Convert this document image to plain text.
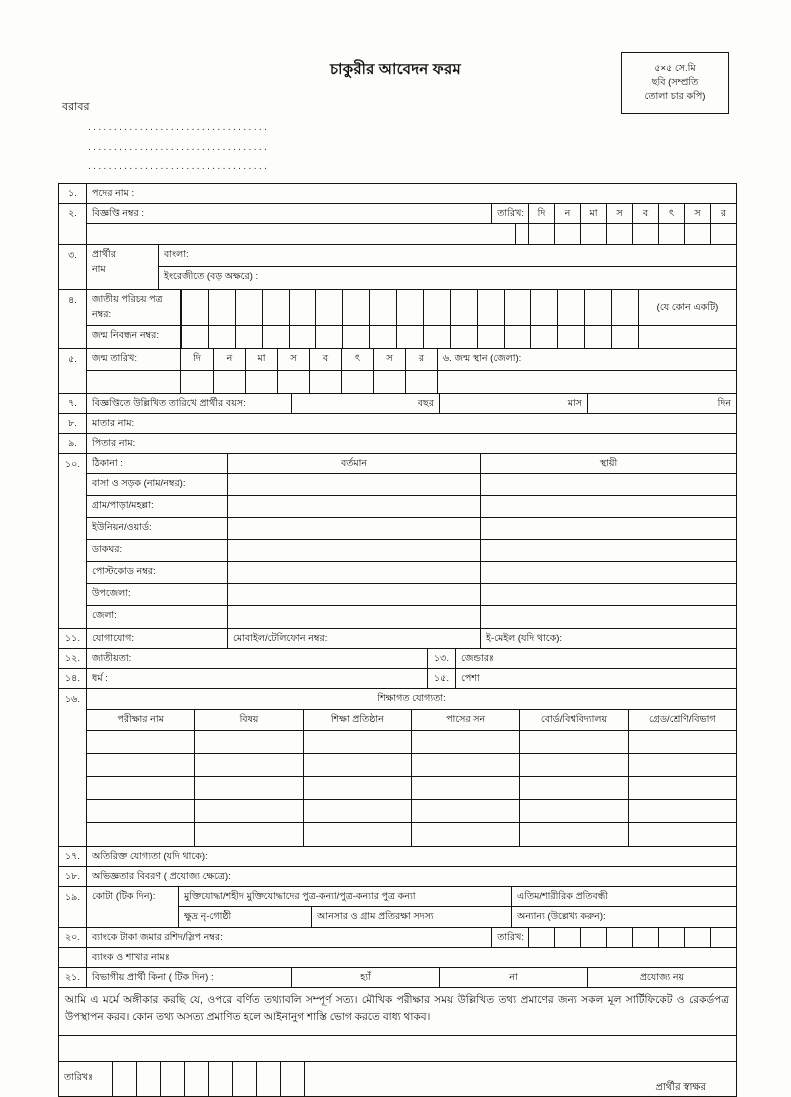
চাকুরীর আবেদন ফরম	৫×৫ সে.মি
ছবি (সম্প্রতি
তোলা চার কপি)
বরাবর
...................................
...................................
...................................
১.	পদের নাম :
২.	বিজ্ঞপ্তি নম্বর :	তারিখ:	দি	ন	মা	স	ব	ৎ	স	র

৩.	প্রার্থীর
নাম
বাংলা:
ইংরেজীতে (বড় অক্ষরে) :
৪.	জাতীয় পরিচয় পত্র
নম্বর:
(যে কোন একটি)
জন্ম নিবন্ধন নম্বর:
৫.	জন্ম তারিখ:	দি	ন	মা	স	ব	ৎ	স	র	৬. জন্ম স্থান (জেলা):
৭.	বিজ্ঞপ্তিতে উল্লিখিত তারিখে প্রার্থীর বয়স:	বছর	মাস	দিন
৮.	মাতার নাম:
৯.	পিতার নাম:
১০.	ঠিকানা :	বর্তমান	স্থায়ী
বাসা ও সড়ক (নাম/নম্বর):
গ্রাম/পাড়া/মহল্লা:
ইউনিয়ন/ওয়ার্ড:
ডাকঘর:
পোস্টকোড নম্বর:
উপজেলা:
জেলা:
১১.	যোগাযোগ:	মোবাইল/টেলিফোন নম্বর:	ই-মেইল (যদি থাকে):
১২.	জাতীয়তা:	১৩.	জেন্ডারঃ
১৪.	ধর্ম :	১৫.	পেশা
১৬.	শিক্ষাগত যোগ্যতা:
পরীক্ষার নাম	বিষয়	শিক্ষা প্রতিষ্ঠান	পাসের সন	বোর্ড/বিশ্ববিদ্যালয়	গ্রেড/শ্রেণি/বিভাগ
১৭.	অতিরিক্ত যোগ্যতা (যদি থাকে):
১৮.	অভিজ্ঞতার বিবরণ ( প্রযোজ্য ক্ষেত্রে):
১৯.	কোটা (টিক দিন):	মুক্তিযোদ্ধা/শহীদ মুক্তিযোদ্ধাদের পুত্র-কন্যা/পুত্র-কন্যার পুত্র কন্যা	এতিম/শারীরিক প্রতিবন্ধী
ক্ষুদ্র নৃ-গোষ্ঠী	আনসার ও গ্রাম প্রতিরক্ষা সদস্য	অন্যান্য (উল্লেখ্য করুন):
২০.	ব্যাংকে টাকা জমার রশিদ/স্লিপ নম্বর:	তারিখ:
ব্যাংক ও শাখার নামঃ
২১.	বিভাগীয় প্রার্থী কিনা ( টিক দিন) :	হ্যাঁ	না	প্রযোজ্য নয়
আমি এ মর্মে অঙ্গীকার করছি যে, ওপরে বর্ণিত তথ্যাবলি সম্পূর্ণ সত্য। মৌখিক পরীক্ষার সময় উল্লিখিত তথ্য প্রমাণের জন্য সকল মূল সার্টিফিকেট ও রেকর্ডপত্র উপস্থাপন করব। কোন তথ্য অসত্য প্রমাণিত হলে আইনানুগ শাস্তি ভোগ করতে বাধ্য থাকব।
তারিখঃ
প্রার্থীর স্বাক্ষর
